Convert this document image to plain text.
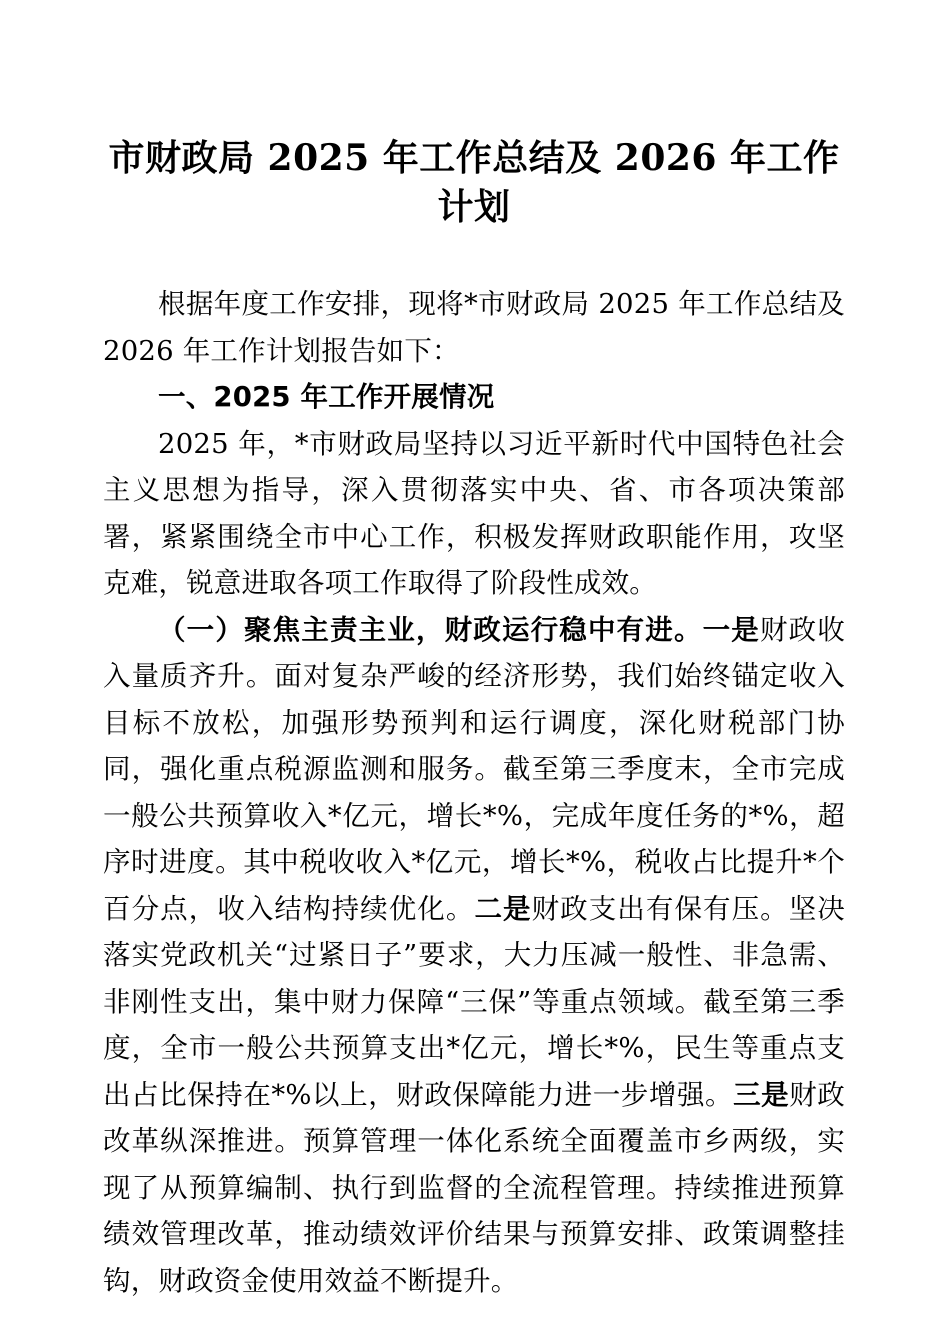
市财政局 2025 年工作总结及 2026 年工作计划

根据年度工作安排，现将*市财政局 2025 年工作总结及 2026 年工作计划报告如下：

一、2025 年工作开展情况

2025 年，*市财政局坚持以习近平新时代中国特色社会主义思想为指导，深入贯彻落实中央、省、市各项决策部署，紧紧围绕全市中心工作，积极发挥财政职能作用，攻坚克难，锐意进取各项工作取得了阶段性成效。

（一）聚焦主责主业，财政运行稳中有进。一是财政收入量质齐升。面对复杂严峻的经济形势，我们始终锚定收入目标不放松，加强形势预判和运行调度，深化财税部门协同，强化重点税源监测和服务。截至第三季度末，全市完成一般公共预算收入*亿元，增长*%，完成年度任务的*%，超序时进度。其中税收收入*亿元，增长*%，税收占比提升*个百分点，收入结构持续优化。二是财政支出有保有压。坚决落实党政机关“过紧日子”要求，大力压减一般性、非急需、非刚性支出，集中财力保障“三保”等重点领域。截至第三季度，全市一般公共预算支出*亿元，增长*%，民生等重点支出占比保持在*%以上，财政保障能力进一步增强。三是财政改革纵深推进。预算管理一体化系统全面覆盖市乡两级，实现了从预算编制、执行到监督的全流程管理。持续推进预算绩效管理改革，推动绩效评价结果与预算安排、政策调整挂钩，财政资金使用效益不断提升。
